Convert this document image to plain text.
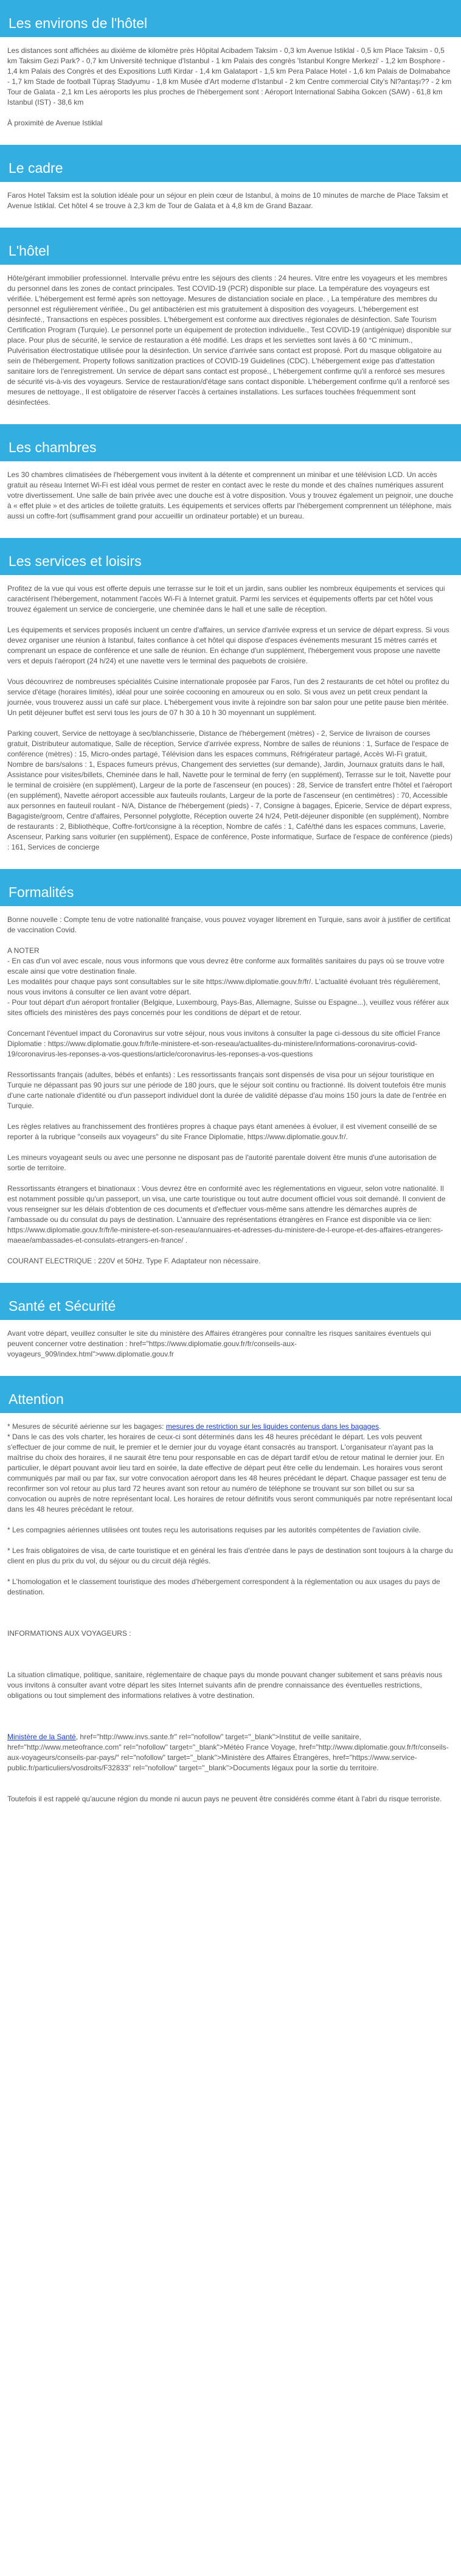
Les environs de l'hôtel

Les distances sont affichées au dixième de kilomètre près Hôpital Acibadem Taksim - 0,3 km Avenue Istiklal - 0,5 km Place Taksim - 0,5 km Taksim Gezi Park? - 0,7 km Université technique d'Istanbul - 1 km Palais des congrès 'Istanbul Kongre Merkezi' - 1,2 km Bosphore - 1,4 km Palais des Congrès et des Expositions Lutfi Kirdar - 1,4 km Galataport - 1,5 km Pera Palace Hotel - 1,6 km Palais de Dolmabahce - 1,7 km Stade de football Tüpraş Stadyumu - 1,8 km Musée d'Art moderne d'Istanbul - 2 km Centre commercial City's Nl?antaşı?? - 2 km Tour de Galata - 2,1 km Les aéroports les plus proches de l'hébergement sont : Aéroport International Sabiha Gokcen (SAW) - 61,8 km Istanbul (IST) - 38,6 km

À proximité de Avenue Istiklal

Le cadre

Faros Hotel Taksim est la solution idéale pour un séjour en plein cœur de Istanbul, à moins de 10 minutes de marche de Place Taksim et Avenue Istiklal. Cet hôtel 4 se trouve à 2,3 km de Tour de Galata et à 4,8 km de Grand Bazaar.

L'hôtel

Hôte/gérant immobilier professionnel. Intervalle prévu entre les séjours des clients : 24 heures. Vitre entre les voyageurs et les membres du personnel dans les zones de contact principales. Test COVID-19 (PCR) disponible sur place. La température des voyageurs est vérifiée. L'hébergement est fermé après son nettoyage. Mesures de distanciation sociale en place. , La température des membres du personnel est régulièrement vérifiée., Du gel antibactérien est mis gratuitement à disposition des voyageurs. L'hébergement est désinfecté., Transactions en espèces possibles. L'hébergement est conforme aux directives régionales de désinfection. Safe Tourism Certification Program (Turquie). Le personnel porte un équipement de protection individuelle., Test COVID-19 (antigénique) disponible sur place. Pour plus de sécurité, le service de restauration a été modifié. Les draps et les serviettes sont lavés à 60 °C minimum., Pulvérisation électrostatique utilisée pour la désinfection. Un service d'arrivée sans contact est proposé. Port du masque obligatoire au sein de l'hébergement. Property follows sanitization practices of COVID-19 Guidelines (CDC). L'hébergement exige pas d'attestation sanitaire lors de l'enregistrement. Un service de départ sans contact est proposé., L'hébergement confirme qu'il a renforcé ses mesures de sécurité vis-à-vis des voyageurs. Service de restauration/d'étage sans contact disponible. L'hébergement confirme qu'il a renforcé ses mesures de nettoyage., Il est obligatoire de réserver l'accès à certaines installations. Les surfaces touchées fréquemment sont désinfectées.

Les chambres

Les 30 chambres climatisées de l'hébergement vous invitent à la détente et comprennent un minibar et une télévision LCD. Un accès gratuit au réseau Internet Wi-Fi est idéal vous permet de rester en contact avec le reste du monde et des chaînes numériques assurent votre divertissement. Une salle de bain privée avec une douche est à votre disposition. Vous y trouvez également un peignoir, une douche à « effet pluie » et des articles de toilette gratuits. Les équipements et services offerts par l'hébergement comprennent un téléphone, mais aussi un coffre-fort (suffisamment grand pour accueillir un ordinateur portable) et un bureau.

Les services et loisirs

Profitez de la vue qui vous est offerte depuis une terrasse sur le toit et un jardin, sans oublier les nombreux équipements et services qui caractérisent l'hébergement, notamment l'accès Wi-Fi à Internet gratuit. Parmi les services et équipements offerts par cet hôtel vous trouvez également un service de conciergerie, une cheminée dans le hall et une salle de réception.

Les équipements et services proposés incluent un centre d'affaires, un service d'arrivée express et un service de départ express. Si vous devez organiser une réunion à Istanbul, faites confiance à cet hôtel qui dispose d'espaces événements mesurant 15 mètres carrés et comprenant un espace de conférence et une salle de réunion. En échange d'un supplément, l'hébergement vous propose une navette vers et depuis l'aéroport (24 h/24) et une navette vers le terminal des paquebots de croisière.

Vous découvrirez de nombreuses spécialités Cuisine internationale proposée par Faros, l'un des 2 restaurants de cet hôtel ou profitez du service d'étage (horaires limités), idéal pour une soirée cocooning en amoureux ou en solo. Si vous avez un petit creux pendant la journée, vous trouverez aussi un café sur place. L'hébergement vous invite à rejoindre son bar salon pour une petite pause bien méritée. Un petit déjeuner buffet est servi tous les jours de 07 h 30 à 10 h 30 moyennant un supplément.

Parking couvert, Service de nettoyage à sec/blanchisserie, Distance de l'hébergement (mètres) - 2, Service de livraison de courses gratuit, Distributeur automatique, Salle de réception, Service d'arrivée express, Nombre de salles de réunions : 1, Surface de l'espace de conférence (mètres) : 15, Micro-ondes partagé, Télévision dans les espaces communs, Réfrigérateur partagé, Accès Wi-Fi gratuit, Nombre de bars/salons : 1, Espaces fumeurs prévus, Changement des serviettes (sur demande), Jardin, Journaux gratuits dans le hall, Assistance pour visites/billets, Cheminée dans le hall, Navette pour le terminal de ferry (en supplément), Terrasse sur le toit, Navette pour le terminal de croisière (en supplément), Largeur de la porte de l'ascenseur (en pouces) : 28, Service de transfert entre l'hôtel et l'aéroport (en supplément), Navette aéroport accessible aux fauteuils roulants, Largeur de la porte de l'ascenseur (en centimètres) : 70, Accessible aux personnes en fauteuil roulant - N/A, Distance de l'hébergement (pieds) - 7, Consigne à bagages, Épicerie, Service de départ express, Bagagiste/groom, Centre d'affaires, Personnel polyglotte, Réception ouverte 24 h/24, Petit-déjeuner disponible (en supplément), Nombre de restaurants : 2, Bibliothèque, Coffre-fort/consigne à la réception, Nombre de cafés : 1, Café/thé dans les espaces communs, Laverie, Ascenseur, Parking sans voiturier (en supplément), Espace de conférence, Poste informatique, Surface de l'espace de conférence (pieds) : 161, Services de concierge

Formalités

Bonne nouvelle : Compte tenu de votre nationalité française, vous pouvez voyager librement en Turquie, sans avoir à justifier de certificat de vaccination Covid.

A NOTER

- En cas d'un vol avec escale, nous vous informons que vous devrez être conforme aux formalités sanitaires du pays où se trouve votre escale ainsi que votre destination finale.

Les modalités pour chaque pays sont consultables sur le site https://www.diplomatie.gouv.fr/fr/. L'actualité évoluant très régulièrement, nous vous invitons à consulter ce lien avant votre départ.

- Pour tout départ d'un aéroport frontalier (Belgique, Luxembourg, Pays-Bas, Allemagne, Suisse ou Espagne...), veuillez vous référer aux sites officiels des ministères des pays concernés pour les conditions de départ et de retour.

Concernant l'éventuel impact du Coronavirus sur votre séjour, nous vous invitons à consulter la page ci-dessous du site officiel France Diplomatie : https://www.diplomatie.gouv.fr/fr/le-ministere-et-son-reseau/actualites-du-ministere/informations-coronavirus-covid-19/coronavirus-les-reponses-a-vos-questions/article/coronavirus-les-reponses-a-vos-questions

Ressortissants français (adultes, bébés et enfants) : Les ressortissants français sont dispensés de visa pour un séjour touristique en Turquie ne dépassant pas 90 jours sur une période de 180 jours, que le séjour soit continu ou fractionné. Ils doivent toutefois être munis d'une carte nationale d'identité ou d'un passeport individuel dont la durée de validité dépasse d'au moins 150 jours la date de l'entrée en Turquie.

Les règles relatives au franchissement des frontières propres à chaque pays étant amenées à évoluer, il est vivement conseillé de se reporter à la rubrique "conseils aux voyageurs" du site France Diplomatie, https://www.diplomatie.gouv.fr/.

Les mineurs voyageant seuls ou avec une personne ne disposant pas de l'autorité parentale doivent être munis d'une autorisation de sortie de territoire.

Ressortissants étrangers et binationaux : Vous devrez être en conformité avec les réglementations en vigueur, selon votre nationalité. Il est notamment possible qu'un passeport, un visa, une carte touristique ou tout autre document officiel vous soit demandé. Il convient de vous renseigner sur les délais d'obtention de ces documents et d'effectuer vous-même sans attendre les démarches auprès de l'ambassade ou du consulat du pays de destination. L'annuaire des représentations étrangères en France est disponible via ce lien: https://www.diplomatie.gouv.fr/fr/le-ministere-et-son-reseau/annuaires-et-adresses-du-ministere-de-l-europe-et-des-affaires-etrangeres-maeae/ambassades-et-consulats-etrangers-en-france/ .

COURANT ELECTRIQUE : 220V et 50Hz. Type F. Adaptateur non nécessaire.

Santé et Sécurité

Avant votre départ, veuillez consulter le site du ministère des Affaires étrangères pour connaître les risques sanitaires éventuels qui peuvent concerner votre destination : href="https://www.diplomatie.gouv.fr/fr/conseils-aux-voyageurs_909/index.html">www.diplomatie.gouv.fr

Attention

* Mesures de sécurité aérienne sur les bagages: mesures de restriction sur les liquides contenus dans les bagages.

* Dans le cas des vols charter, les horaires de ceux-ci sont déterminés dans les 48 heures précédant le départ. Les vols peuvent s'effectuer de jour comme de nuit, le premier et le dernier jour du voyage étant consacrés au transport. L'organisateur n'ayant pas la maîtrise du choix des horaires, il ne saurait être tenu pour responsable en cas de départ tardif et/ou de retour matinal le dernier jour. En particulier, le départ pouvant avoir lieu tard en soirée, la date effective de départ peut être celle du lendemain. Les horaires vous seront communiqués par mail ou par fax, sur votre convocation aéroport dans les 48 heures précédant le départ. Chaque passager est tenu de reconfirmer son vol retour au plus tard 72 heures avant son retour au numéro de téléphone se trouvant sur son billet ou sur sa convocation ou auprès de notre représentant local. Les horaires de retour définitifs vous seront communiqués par notre représentant local dans les 48 heures précédant le retour.

* Les compagnies aériennes utilisées ont toutes reçu les autorisations requises par les autorités compétentes de l'aviation civile.

* Les frais obligatoires de visa, de carte touristique et en général les frais d'entrée dans le pays de destination sont toujours à la charge du client en plus du prix du vol, du séjour ou du circuit déjà réglés.

* L'homologation et le classement touristique des modes d'hébergement correspondent à la réglementation ou aux usages du pays de destination.

INFORMATIONS AUX VOYAGEURS :

La situation climatique, politique, sanitaire, réglementaire de chaque pays du monde pouvant changer subitement et sans préavis nous vous invitons à consulter avant votre départ les sites Internet suivants afin de prendre connaissance des éventuelles restrictions, obligations ou tout simplement des informations relatives à votre destination.

Ministère de la Santé, href="http://www.invs.sante.fr" rel="nofollow" target="_blank">Institut de veille sanitaire, href="http://www.meteofrance.com" rel="nofollow" target="_blank">Météo France Voyage, href="http://www.diplomatie.gouv.fr/fr/conseils-aux-voyageurs/conseils-par-pays/" rel="nofollow" target="_blank">Ministère des Affaires Étrangères, href="https://www.service-public.fr/particuliers/vosdroits/F32833" rel="nofollow" target="_blank">Documents légaux pour la sortie du territoire.

Toutefois il est rappelé qu'aucune région du monde ni aucun pays ne peuvent être considérés comme étant à l'abri du risque terroriste.
